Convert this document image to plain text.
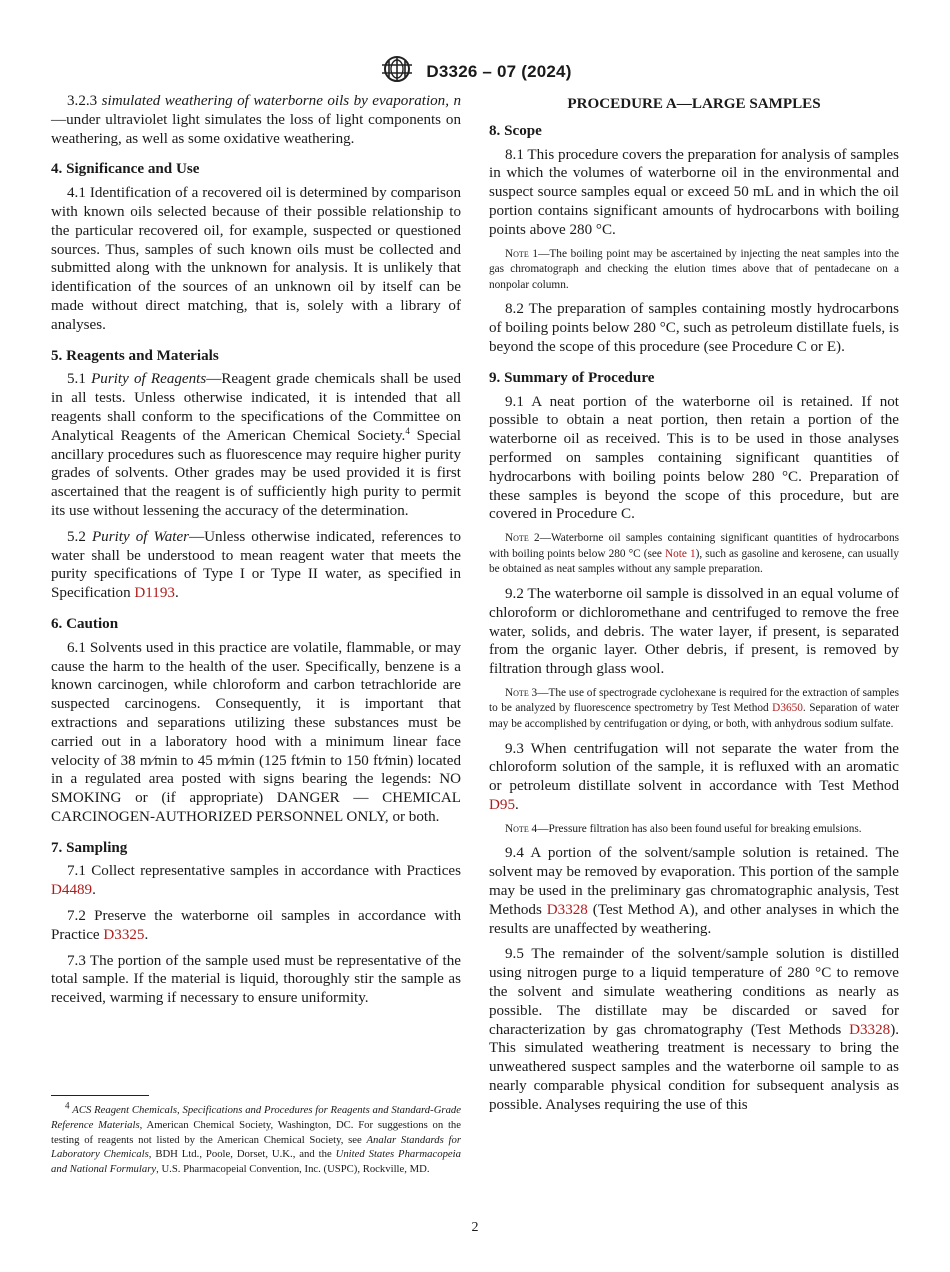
D3326 – 07 (2024)

3.2.3 simulated weathering of waterborne oils by evaporation, n—under ultraviolet light simulates the loss of light components on weathering, as well as some oxidative weathering.

4. Significance and Use

4.1 Identification of a recovered oil is determined by comparison with known oils selected because of their possible relationship to the particular recovered oil, for example, suspected or questioned sources. Thus, samples of such known oils must be collected and submitted along with the unknown for analysis. It is unlikely that identification of the sources of an unknown oil by itself can be made without direct matching, that is, solely with a library of analyses.

5. Reagents and Materials

5.1 Purity of Reagents—Reagent grade chemicals shall be used in all tests. Unless otherwise indicated, it is intended that all reagents shall conform to the specifications of the Committee on Analytical Reagents of the American Chemical Society.$^4$ Special ancillary procedures such as fluorescence may require higher purity grades of solvents. Other grades may be used provided it is first ascertained that the reagent is of sufficiently high purity to permit its use without lessening the accuracy of the determination.

5.2 Purity of Water—Unless otherwise indicated, references to water shall be understood to mean reagent water that meets the purity specifications of Type I or Type II water, as specified in Specification D1193.

6. Caution

6.1 Solvents used in this practice are volatile, flammable, or may cause the harm to the health of the user. Specifically, benzene is a known carcinogen, while chloroform and carbon tetrachloride are suspected carcinogens. Consequently, it is important that extractions and separations utilizing these substances must be carried out in a laboratory hood with a minimum linear face velocity of 38 m⁄min to 45 m⁄min (125 ft⁄min to 150 ft⁄min) located in a regulated area posted with signs bearing the legends: NO SMOKING or (if appropriate) DANGER — CHEMICAL CARCINOGEN-AUTHORIZED PERSONNEL ONLY, or both.

7. Sampling

7.1 Collect representative samples in accordance with Practices D4489.

7.2 Preserve the waterborne oil samples in accordance with Practice D3325.

7.3 The portion of the sample used must be representative of the total sample. If the material is liquid, thoroughly stir the sample as received, warming if necessary to ensure uniformity.

$^4$ ACS Reagent Chemicals, Specifications and Procedures for Reagents and Standard-Grade Reference Materials, American Chemical Society, Washington, DC. For suggestions on the testing of reagents not listed by the American Chemical Society, see Analar Standards for Laboratory Chemicals, BDH Ltd., Poole, Dorset, U.K., and the United States Pharmacopeia and National Formulary, U.S. Pharmacopeial Convention, Inc. (USPC), Rockville, MD.

PROCEDURE A—LARGE SAMPLES
8. Scope

8.1 This procedure covers the preparation for analysis of samples in which the volumes of waterborne oil in the environmental and suspect source samples equal or exceed 50 mL and in which the oil portion contains significant amounts of hydrocarbons with boiling points above 280 °C.

Note 1—The boiling point may be ascertained by injecting the neat samples into the gas chromatograph and checking the elution times above that of pentadecane on a nonpolar column.

8.2 The preparation of samples containing mostly hydrocarbons of boiling points below 280 °C, such as petroleum distillate fuels, is beyond the scope of this procedure (see Procedure C or E).

9. Summary of Procedure

9.1 A neat portion of the waterborne oil is retained. If not possible to obtain a neat portion, then retain a portion of the waterborne oil as received. This is to be used in those analyses performed on samples containing significant quantities of hydrocarbons with boiling points below 280 °C. Preparation of these samples is beyond the scope of this procedure, but are covered in Procedure C.

Note 2—Waterborne oil samples containing significant quantities of hydrocarbons with boiling points below 280 °C (see Note 1), such as gasoline and kerosene, can usually be obtained as neat samples without any sample preparation.

9.2 The waterborne oil sample is dissolved in an equal volume of chloroform or dichloromethane and centrifuged to remove the free water, solids, and debris. The water layer, if present, is separated from the organic layer. Other debris, if present, is removed by filtration through glass wool.

Note 3—The use of spectrograde cyclohexane is required for the extraction of samples to be analyzed by fluorescence spectrometry by Test Method D3650. Separation of water may be accomplished by centrifugation or dying, or both, with anhydrous sodium sulfate.

9.3 When centrifugation will not separate the water from the chloroform solution of the sample, it is refluxed with an aromatic or petroleum distillate solvent in accordance with Test Method D95.

Note 4—Pressure filtration has also been found useful for breaking emulsions.

9.4 A portion of the solvent/sample solution is retained. The solvent may be removed by evaporation. This portion of the sample may be used in the preliminary gas chromatographic analysis, Test Methods D3328 (Test Method A), and other analyses in which the results are unaffected by weathering.

9.5 The remainder of the solvent/sample solution is distilled using nitrogen purge to a liquid temperature of 280 °C to remove the solvent and simulate weathering conditions as nearly as possible. The distillate may be discarded or saved for characterization by gas chromatography (Test Methods D3328). This simulated weathering treatment is necessary to bring the unweathered suspect samples and the waterborne oil sample to as nearly comparable physical condition for subsequent analysis as possible. Analyses requiring the use of this

2
